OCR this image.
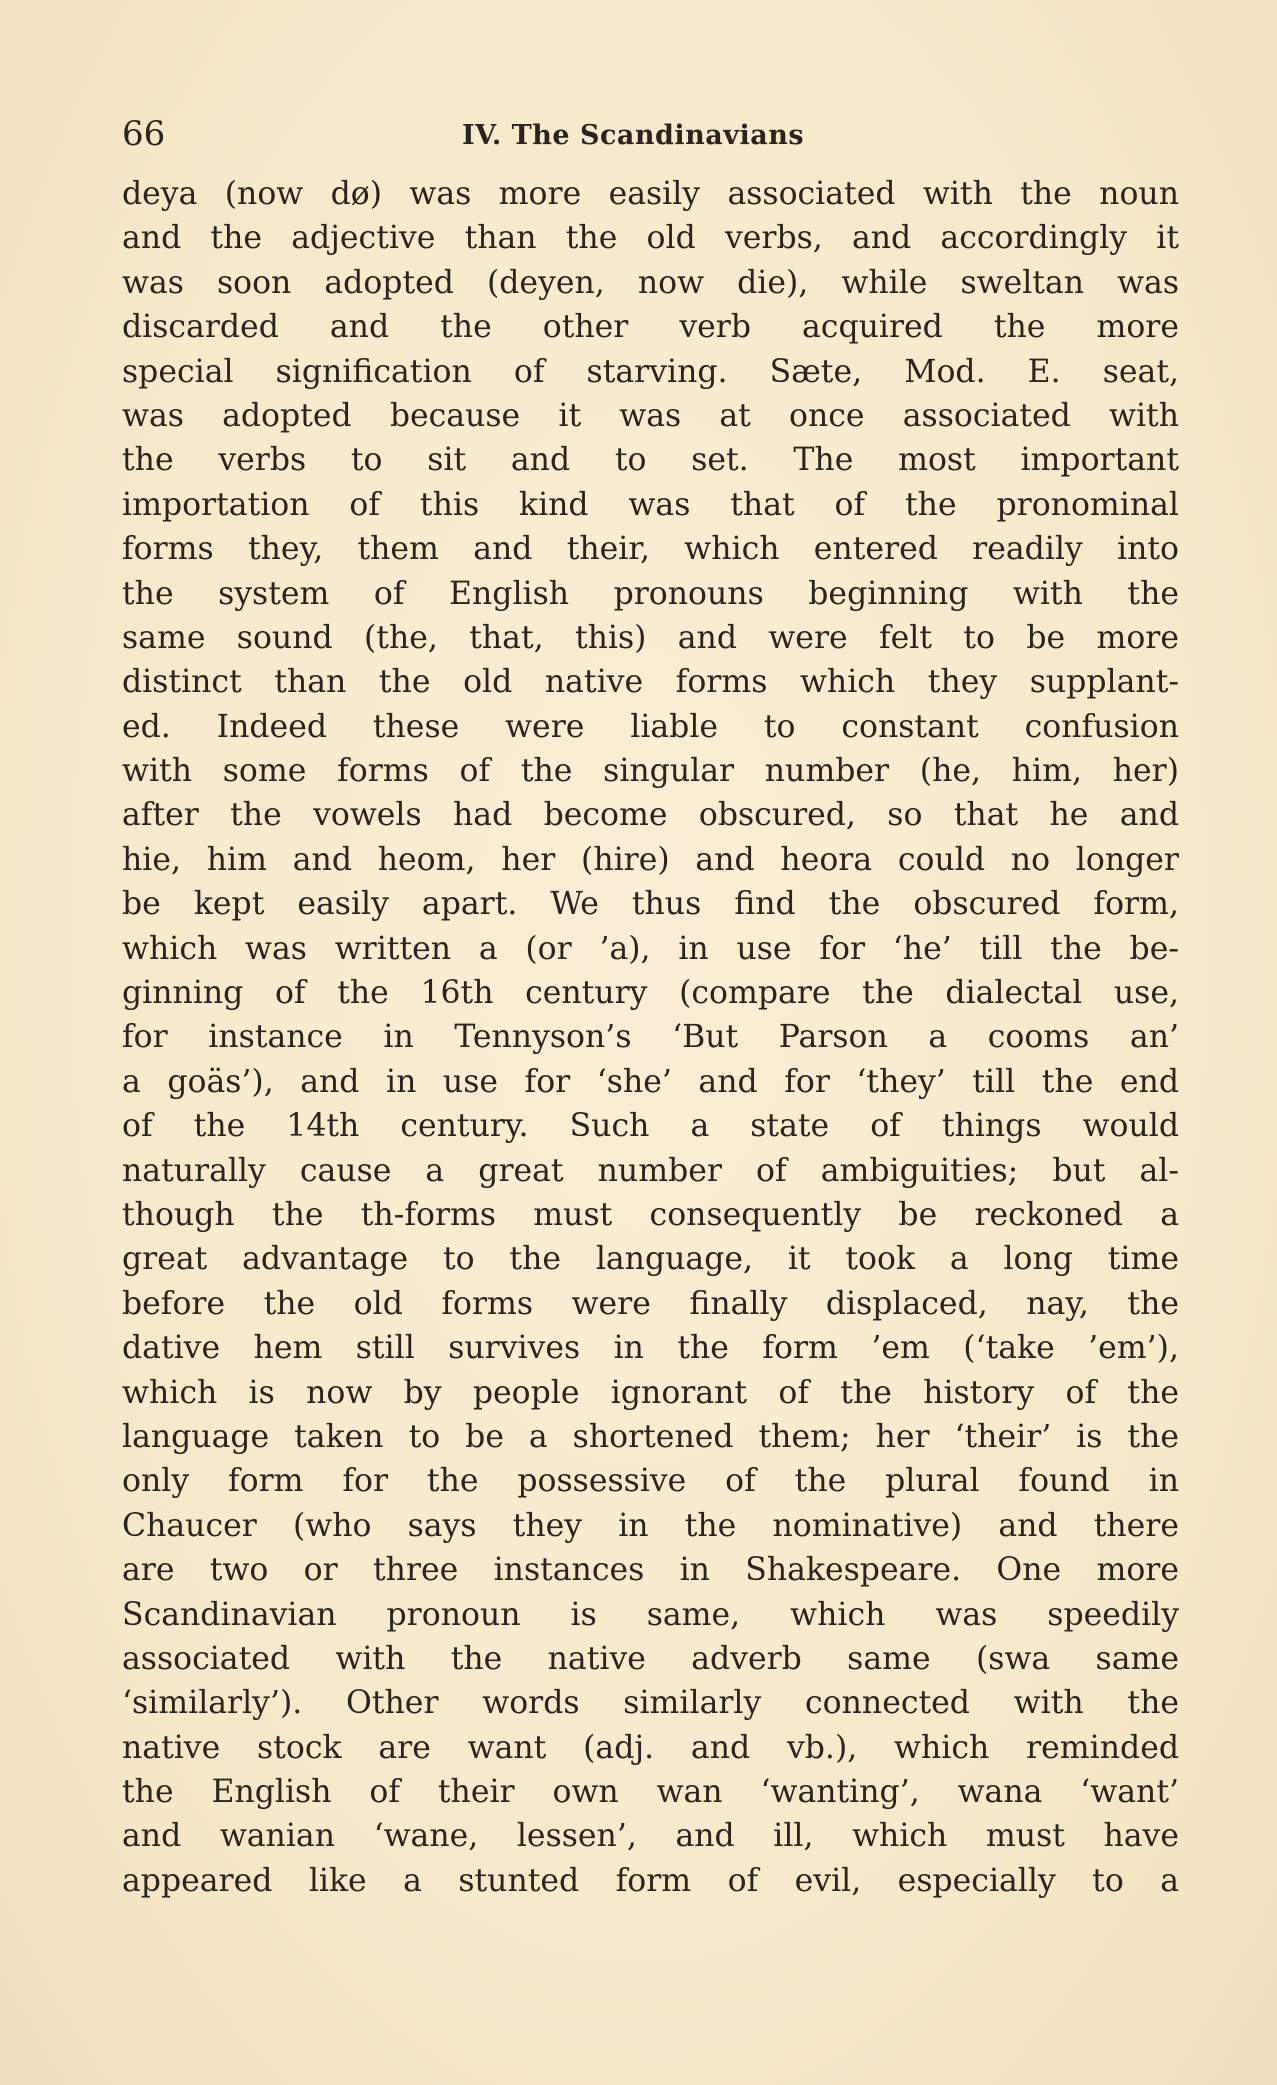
66	IV. The Scandinavians
deya (now dø) was more easily associated with the noun
and the adjective than the old verbs, and accordingly it
was soon adopted (deyen, now die), while sweltan was
discarded and the other verb acquired the more
special signification of starving. Sæte, Mod. E. seat,
was adopted because it was at once associated with
the verbs to sit and to set. The most important
importation of this kind was that of the pronominal
forms they, them and their, which entered readily into
the system of English pronouns beginning with the
same sound (the, that, this) and were felt to be more
distinct than the old native forms which they supplant-
ed. Indeed these were liable to constant confusion
with some forms of the singular number (he, him, her)
after the vowels had become obscured, so that he and
hie, him and heom, her (hire) and heora could no longer
be kept easily apart. We thus find the obscured form,
which was written a (or ’a), in use for ‘he’ till the be-
ginning of the 16th century (compare the dialectal use,
for instance in Tennyson’s ‘But Parson a cooms an’
a goäs’), and in use for ‘she’ and for ‘they’ till the end
of the 14th century. Such a state of things would
naturally cause a great number of ambiguities; but al-
though the th-forms must consequently be reckoned a
great advantage to the language, it took a long time
before the old forms were finally displaced, nay, the
dative hem still survives in the form ’em (‘take ’em’),
which is now by people ignorant of the history of the
language taken to be a shortened them; her ‘their’ is the
only form for the possessive of the plural found in
Chaucer (who says they in the nominative) and there
are two or three instances in Shakespeare. One more
Scandinavian pronoun is same, which was speedily
associated with the native adverb same (swa same
‘similarly’). Other words similarly connected with the
native stock are want (adj. and vb.), which reminded
the English of their own wan ‘wanting’, wana ‘want’
and wanian ‘wane, lessen’, and ill, which must have
appeared like a stunted form of evil, especially to a
